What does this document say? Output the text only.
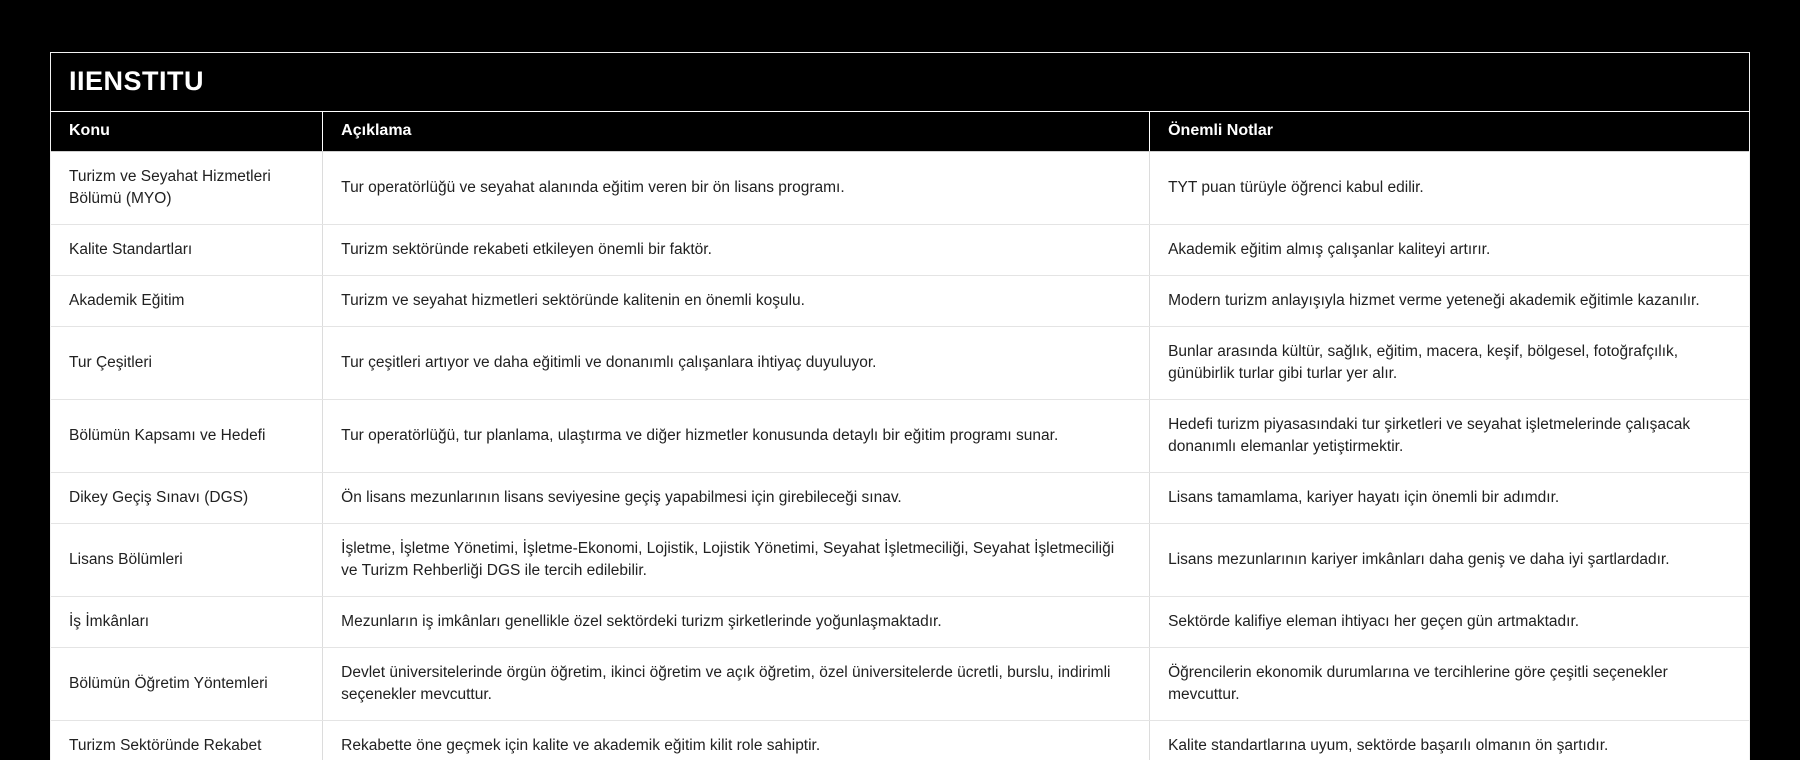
IIENSTITU
Konu	Açıklama	Önemli Notlar
Turizm ve Seyahat Hizmetleri Bölümü (MYO)	Tur operatörlüğü ve seyahat alanında eğitim veren bir ön lisans programı.	TYT puan türüyle öğrenci kabul edilir.
Kalite Standartları	Turizm sektöründe rekabeti etkileyen önemli bir faktör.	Akademik eğitim almış çalışanlar kaliteyi artırır.
Akademik Eğitim	Turizm ve seyahat hizmetleri sektöründe kalitenin en önemli koşulu.	Modern turizm anlayışıyla hizmet verme yeteneği akademik eğitimle kazanılır.
Tur Çeşitleri	Tur çeşitleri artıyor ve daha eğitimli ve donanımlı çalışanlara ihtiyaç duyuluyor.	Bunlar arasında kültür, sağlık, eğitim, macera, keşif, bölgesel, fotoğrafçılık, günübirlik turlar gibi turlar yer alır.
Bölümün Kapsamı ve Hedefi	Tur operatörlüğü, tur planlama, ulaştırma ve diğer hizmetler konusunda detaylı bir eğitim programı sunar.	Hedefi turizm piyasasındaki tur şirketleri ve seyahat işletmelerinde çalışacak donanımlı elemanlar yetiştirmektir.
Dikey Geçiş Sınavı (DGS)	Ön lisans mezunlarının lisans seviyesine geçiş yapabilmesi için girebileceği sınav.	Lisans tamamlama, kariyer hayatı için önemli bir adımdır.
Lisans Bölümleri	İşletme, İşletme Yönetimi, İşletme-Ekonomi, Lojistik, Lojistik Yönetimi, Seyahat İşletmeciliği, Seyahat İşletmeciliği ve Turizm Rehberliği DGS ile tercih edilebilir.	Lisans mezunlarının kariyer imkânları daha geniş ve daha iyi şartlardadır.
İş İmkânları	Mezunların iş imkânları genellikle özel sektördeki turizm şirketlerinde yoğunlaşmaktadır.	Sektörde kalifiye eleman ihtiyacı her geçen gün artmaktadır.
Bölümün Öğretim Yöntemleri	Devlet üniversitelerinde örgün öğretim, ikinci öğretim ve açık öğretim, özel üniversitelerde ücretli, burslu, indirimli seçenekler mevcuttur.	Öğrencilerin ekonomik durumlarına ve tercihlerine göre çeşitli seçenekler mevcuttur.
Turizm Sektöründe Rekabet	Rekabette öne geçmek için kalite ve akademik eğitim kilit role sahiptir.	Kalite standartlarına uyum, sektörde başarılı olmanın ön şartıdır.
